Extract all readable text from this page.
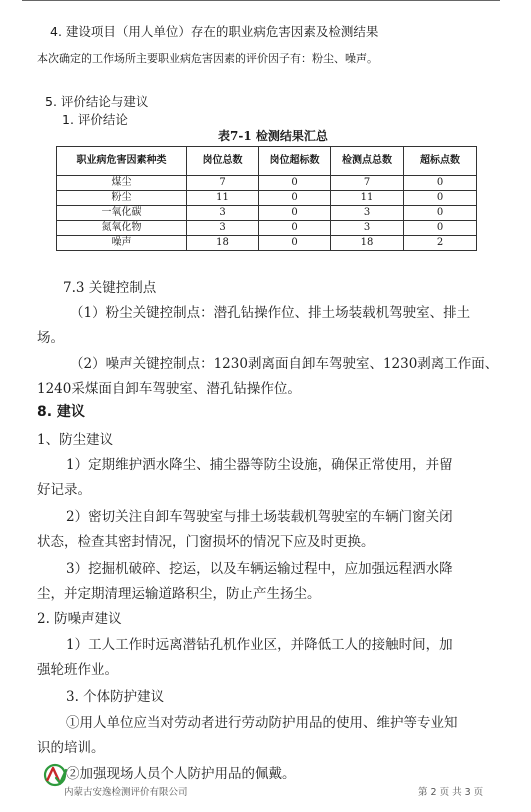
4. 建设项目（用人单位）存在的职业病危害因素及检测结果
本次确定的工作场所主要职业病危害因素的评价因子有：粉尘、噪声。
5. 评价结论与建议
1. 评价结论
表7-1 检测结果汇总
职业病危害因素种类	岗位总数	岗位超标数	检测点总数	超标点数
煤尘	7	0	7	0
粉尘	11	0	11	0
一氧化碳	3	0	3	0
氮氧化物	3	0	3	0
噪声	18	0	18	2
7.3 关键控制点
（1）粉尘关键控制点：潜孔钻操作位、排土场装载机驾驶室、排土
场。
（2）噪声关键控制点：1230剥离面自卸车驾驶室、1230剥离工作面、
1240采煤面自卸车驾驶室、潜孔钻操作位。
8. 建议
1、防尘建议
1）定期维护洒水降尘、捕尘器等防尘设施，确保正常使用，并留
好记录。
2）密切关注自卸车驾驶室与排土场装载机驾驶室的车辆门窗关闭
状态，检查其密封情况，门窗损坏的情况下应及时更换。
3）挖掘机破碎、挖运，以及车辆运输过程中，应加强远程洒水降
尘，并定期清理运输道路积尘，防止产生扬尘。
2. 防噪声建议
1）工人工作时远离潜钻孔机作业区，并降低工人的接触时间，加
强轮班作业。
3. 个体防护建议
①用人单位应当对劳动者进行劳动防护用品的使用、维护等专业知
识的培训。
②加强现场人员个人防护用品的佩戴。
内蒙古安逸检测评价有限公司	第 2 页 共 3 页
